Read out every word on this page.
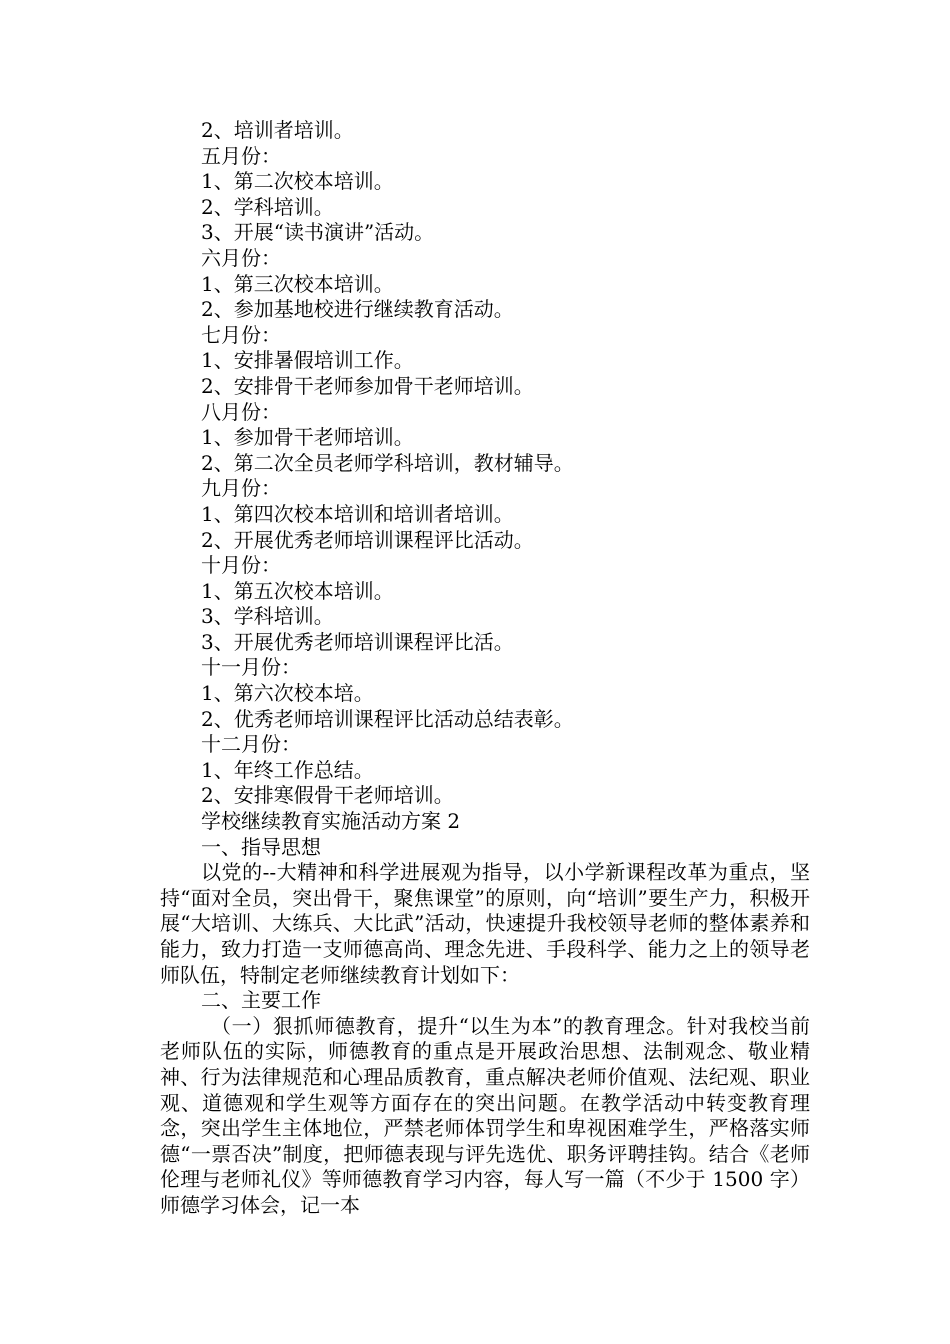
2、培训者培训。
五月份：
1、第二次校本培训。
2、学科培训。
3、开展“读书演讲”活动。
六月份：
1、第三次校本培训。
2、参加基地校进行继续教育活动。
七月份：
1、安排暑假培训工作。
2、安排骨干老师参加骨干老师培训。
八月份：
1、参加骨干老师培训。
2、第二次全员老师学科培训，教材辅导。
九月份：
1、第四次校本培训和培训者培训。
2、开展优秀老师培训课程评比活动。
十月份：
1、第五次校本培训。
3、学科培训。
3、开展优秀老师培训课程评比活。
十一月份：
1、第六次校本培。
2、优秀老师培训课程评比活动总结表彰。
十二月份：
1、年终工作总结。
2、安排寒假骨干老师培训。
学校继续教育实施活动方案 2
一、指导思想
以党的--大精神和科学进展观为指导，以小学新课程改革为重点，坚持“面对全员，突出骨干，聚焦课堂”的原则，向“培训”要生产力，积极开展“大培训、大练兵、大比武”活动，快速提升我校领导老师的整体素养和能力，致力打造一支师德高尚、理念先进、手段科学、能力之上的领导老师队伍，特制定老师继续教育计划如下：
二、主要工作
（一）狠抓师德教育，提升“以生为本”的教育理念。针对我校当前老师队伍的实际，师德教育的重点是开展政治思想、法制观念、敬业精神、行为法律规范和心理品质教育，重点解决老师价值观、法纪观、职业观、道德观和学生观等方面存在的突出问题。在教学活动中转变教育理念，突出学生主体地位，严禁老师体罚学生和卑视困难学生，严格落实师德“一票否决”制度，把师德表现与评先选优、职务评聘挂钩。结合《老师伦理与老师礼仪》等师德教育学习内容，每人写一篇（不少于 1500 字）师德学习体会，记一本
